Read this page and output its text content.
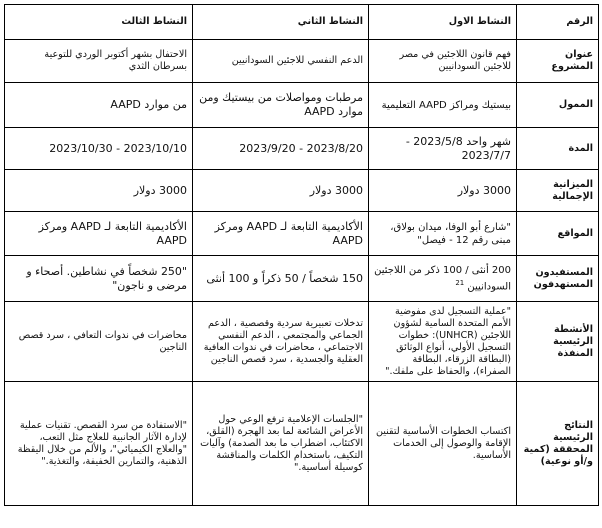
الرقم	النشاط الاول	النشاط الثاني	النشاط الثالث
عنوان المشروع	فهم قانون اللاجئين في مصر للاجئين السودانيين	الدعم النفسي للاجئين السودانيين	الاحتفال بشهر أكتوبر الوردي للتوعية بسرطان الثدي
الممول	بيستيك ومراكز AAPD التعليمية	مرطبات ومواصلات من بيستيك ومن موارد AAPD	من موارد AAPD
المدة	شهر واحد 2023/5/8 - 2023/7/7	2023/8/20 - 2023/9/20	2023/10/10 - 2023/10/30
الميزانية الإجمالية	3000 دولار	3000 دولار	3000 دولار
المواقع	"شارع أبو الوفا، ميدان بولاق، مبنى رقم 12 - فيصل"	الأكاديمية التابعة لـ AAPD ومركز AAPD	الأكاديمية التابعة لـ AAPD ومركز AAPD
المستفيدون المستهدفون	200 أنثى / 100 ذكر من اللاجئين السودانيين $^{21}$	150 شخصاً / 50 ذكراً و 100 أنثى	"250 شخصاً في نشاطين. أصحاء و مرضى و ناجون"
الأنشطة الرئيسية المنفذة	"عملية التسجيل لدى مفوضية الأمم المتحدة السامية لشؤون اللاجئين (UNHCR): خطوات التسجيل الأولي، أنواع الوثائق (البطاقة الزرقاء، البطاقة الصفراء)، والحفاظ على ملفك."	تدخلات تعبيرية سردية وقصصية ، الدعم الجماعي والمجتمعي ، الدعم النفسي الاجتماعي ، محاضرات في ندوات العافية العقلية والجسدية ، سرد قصص الناجين	محاضرات في ندوات التعافي ، سرد قصص الناجين
النتائج الرئيسية المحققة (كمية و/أو نوعية)	اكتساب الخطوات الأساسية لتقنين الإقامة والوصول إلى الخدمات الأساسية.	"الجلسات الإعلامية ترفع الوعي حول الأعراض الشائعة لما بعد الهجرة (القلق، الاكتئاب، اضطراب ما بعد الصدمة) وآليات التكيف، باستخدام الكلمات والمناقشة كوسيلة أساسية."	"الاستفادة من سرد القصص. تقنيات عملية لإدارة الآثار الجانبية للعلاج مثل التعب، "والعلاج الكيميائي"، والألم من خلال اليقظة الذهنية، والتمارين الخفيفة، والتغذية."
